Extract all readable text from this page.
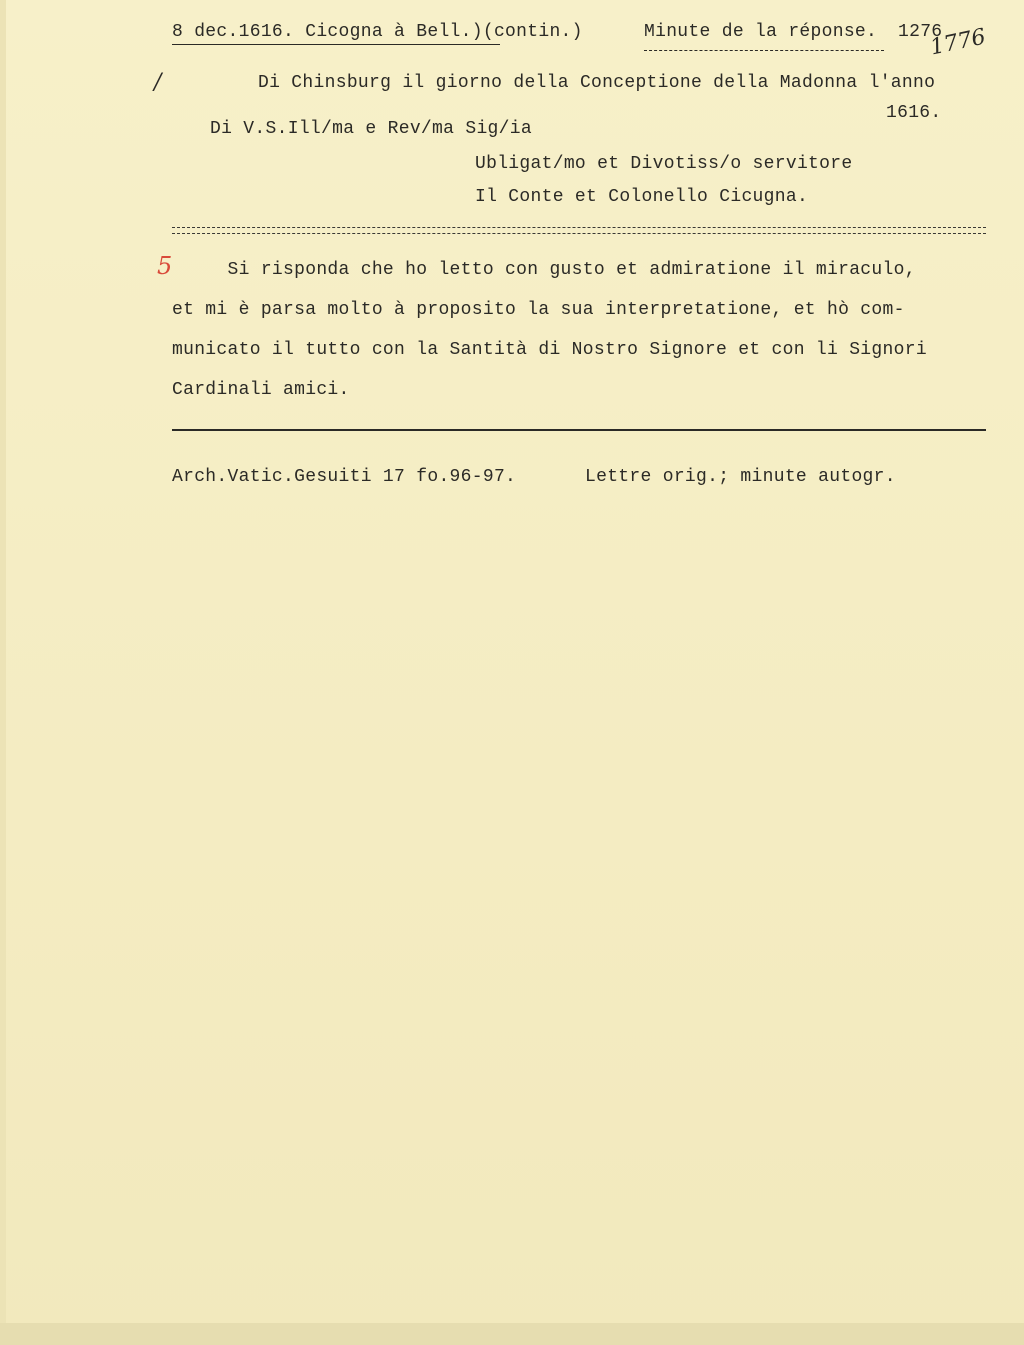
8 dec.1616. Cicogna à Bell.)(contin.)	Minute de la réponse. 1276
1776
/	Di Chinsburg il giorno della Conceptione della Madonna l'anno
1616.
Di V.S.Ill/ma e Rev/ma Sig/ia
Ubligat/mo et Divotiss/o servitore
Il Conte et Colonello Cicugna.
5 Si risponda che ho letto con gusto et admiratione il miraculo,
et mi è parsa molto à proposito la sua interpretatione, et hò com-
municato il tutto con la Santità di Nostro Signore et con li Signori
Cardinali amici.
Arch.Vatic.Gesuiti 17 fo.96-97.	Lettre orig.; minute autogr.
